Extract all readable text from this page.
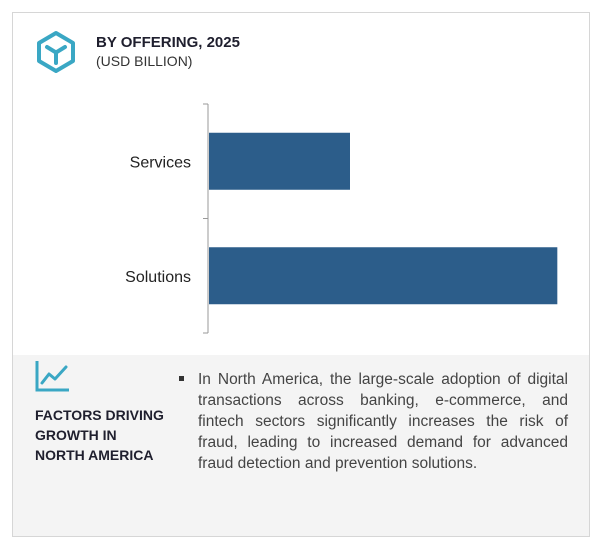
BY OFFERING, 2025
(USD BILLION)
Services
Solutions
FACTORS DRIVING
GROWTH IN
NORTH AMERICA
In North America, the large-scale adoption of digital transactions across banking, e-commerce, and fintech sectors significantly increases the risk of fraud, leading to increased demand for advanced fraud detection and prevention solutions.
